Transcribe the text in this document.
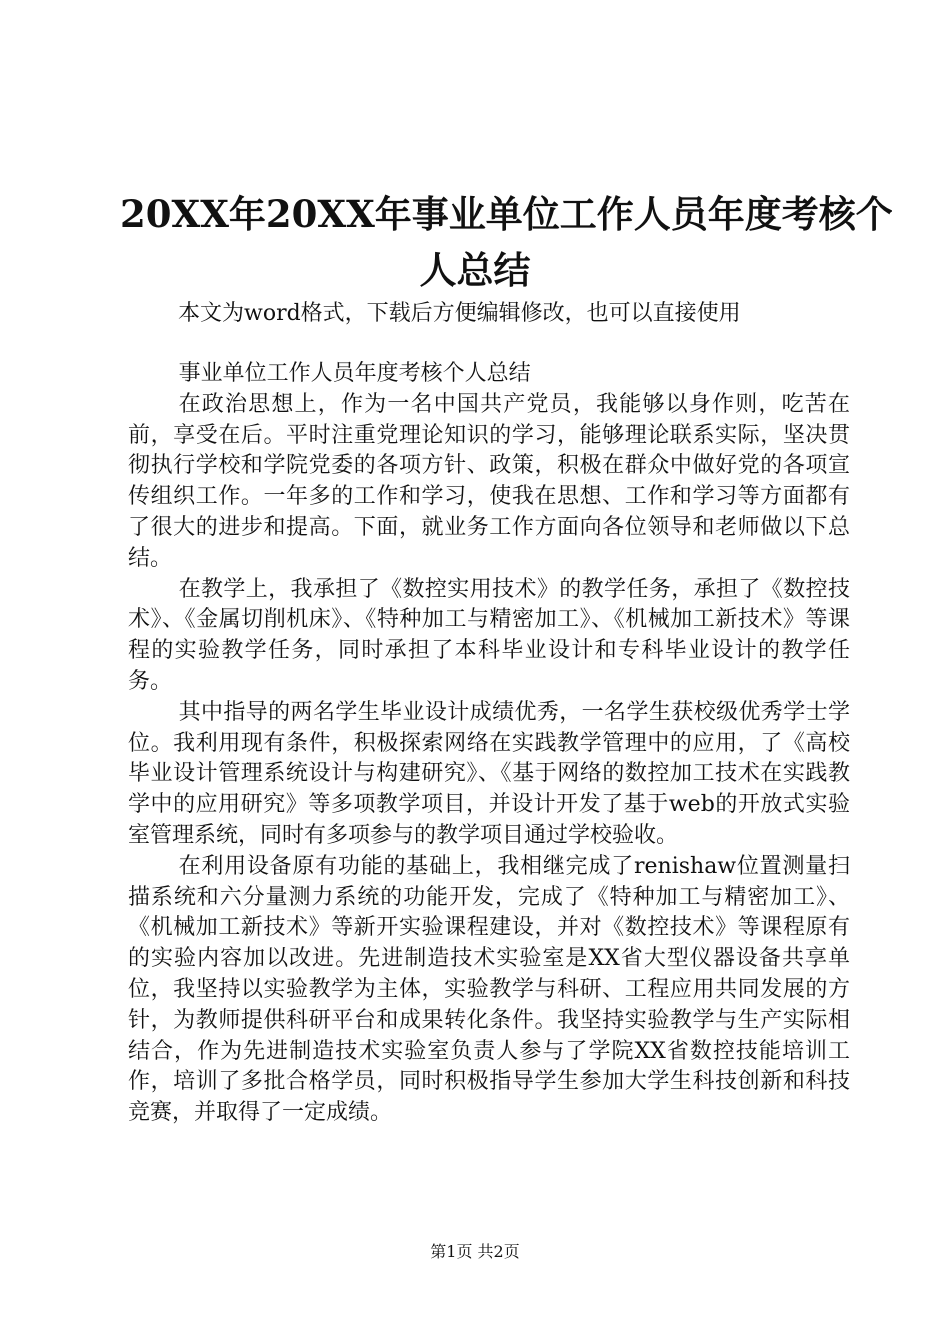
20XX年20XX年事业单位工作人员年度考核个
人总结
本文为word格式，下载后方便编辑修改，也可以直接使用

事业单位工作人员年度考核个人总结

在政治思想上，作为一名中国共产党员，我能够以身作则，吃苦在前，享受在后。平时注重党理论知识的学习，能够理论联系实际，坚决贯彻执行学校和学院党委的各项方针、政策，积极在群众中做好党的各项宣传组织工作。一年多的工作和学习，使我在思想、工作和学习等方面都有了很大的进步和提高。下面，就业务工作方面向各位领导和老师做以下总结。

在教学上，我承担了《数控实用技术》的教学任务，承担了《数控技术》、《金属切削机床》、《特种加工与精密加工》、《机械加工新技术》等课程的实验教学任务，同时承担了本科毕业设计和专科毕业设计的教学任务。

其中指导的两名学生毕业设计成绩优秀，一名学生获校级优秀学士学位。我利用现有条件，积极探索网络在实践教学管理中的应用，了《高校毕业设计管理系统设计与构建研究》、《基于网络的数控加工技术在实践教学中的应用研究》等多项教学项目，并设计开发了基于web的开放式实验室管理系统，同时有多项参与的教学项目通过学校验收。

在利用设备原有功能的基础上，我相继完成了renishaw位置测量扫描系统和六分量测力系统的功能开发，完成了《特种加工与精密加工》、《机械加工新技术》等新开实验课程建设，并对《数控技术》等课程原有的实验内容加以改进。先进制造技术实验室是XX省大型仪器设备共享单位，我坚持以实验教学为主体，实验教学与科研、工程应用共同发展的方针，为教师提供科研平台和成果转化条件。我坚持实验教学与生产实际相结合，作为先进制造技术实验室负责人参与了学院XX省数控技能培训工作，培训了多批合格学员，同时积极指导学生参加大学生科技创新和科技竞赛，并取得了一定成绩。

第1页 共2页
